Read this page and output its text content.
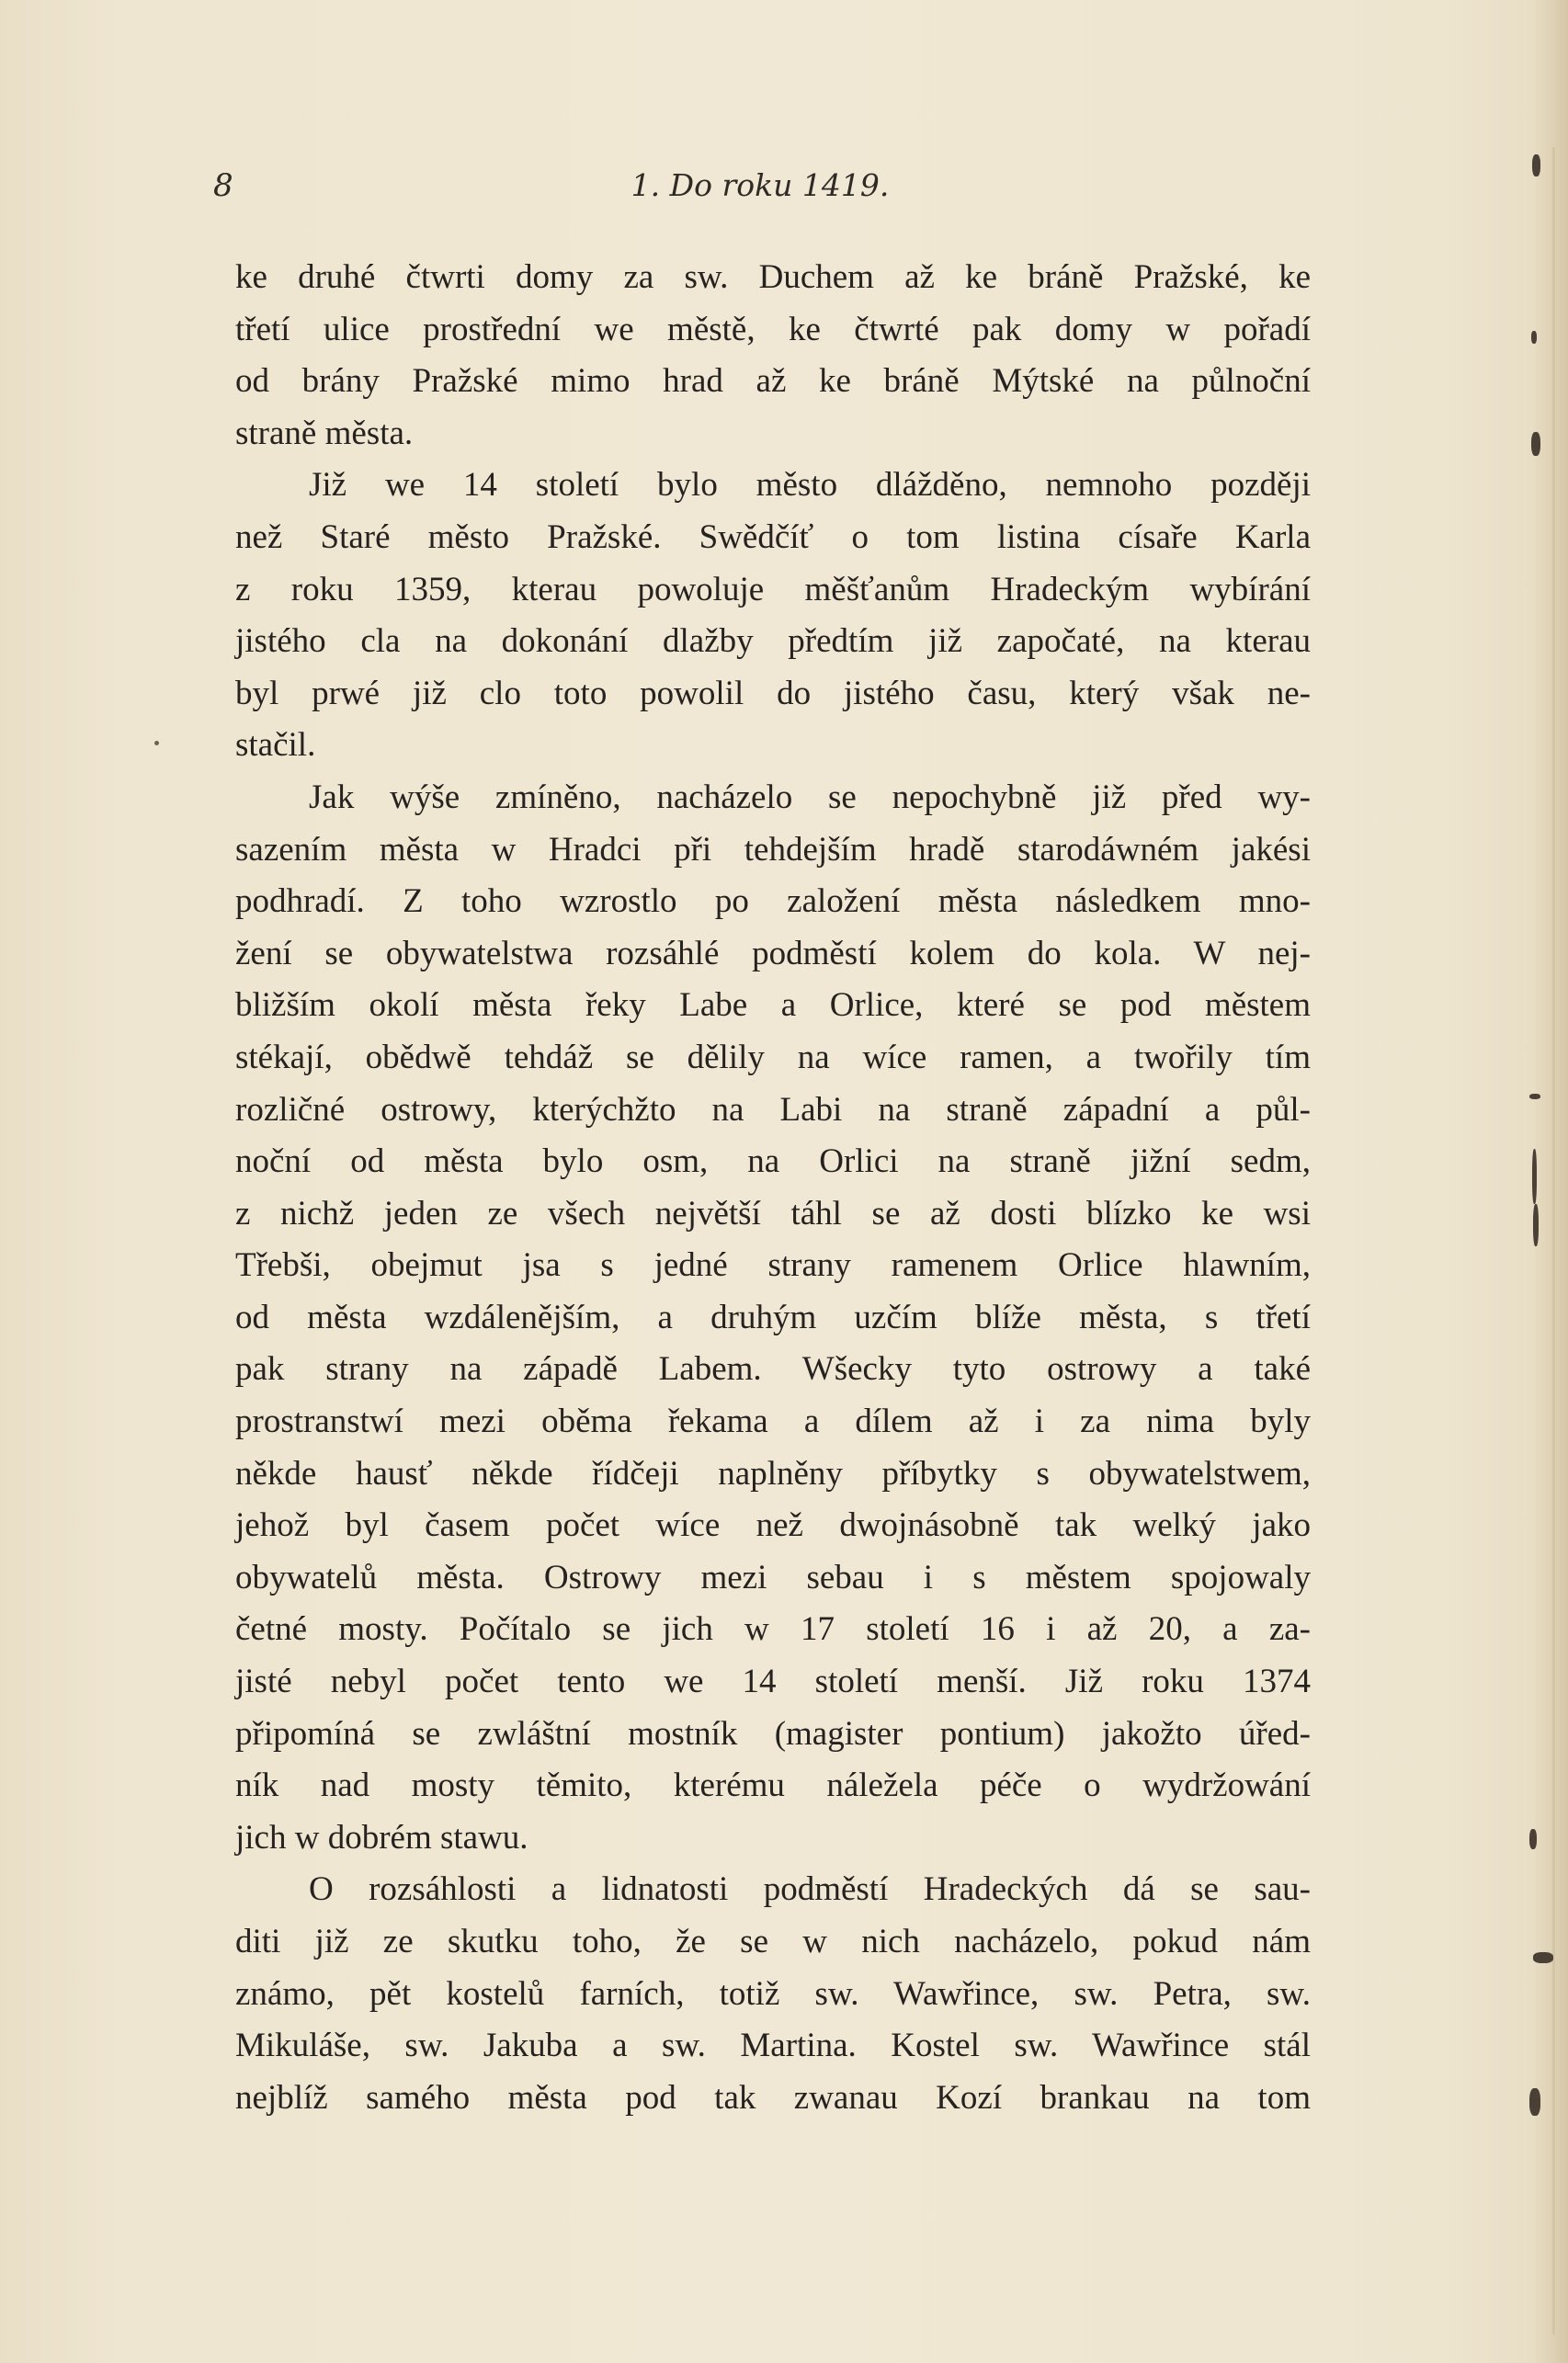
8	1. Do roku 1419.
ke druhé čtwrti domy za sw. Duchem až ke bráně Pražské, ke
třetí ulice prostřední we městě, ke čtwrté pak domy w pořadí
od brány Pražské mimo hrad až ke bráně Mýtské na půlnoční
straně města.
Již we 14 století bylo město dlážděno, nemnoho později
než Staré město Pražské. Swědčíť o tom listina císaře Karla
z roku 1359, kterau powoluje měšťanům Hradeckým wybírání
jistého cla na dokonání dlažby předtím již započaté, na kterau
byl prwé již clo toto powolil do jistého času, který však ne-
stačil.
Jak wýše zmíněno, nacházelo se nepochybně již před wy-
sazením města w Hradci při tehdejším hradě starodáwném jakési
podhradí. Z toho wzrostlo po založení města následkem mno-
žení se obywatelstwa rozsáhlé podměstí kolem do kola. W nej-
bližším okolí města řeky Labe a Orlice, které se pod městem
stékají, obědwě tehdáž se dělily na wíce ramen, a twořily tím
rozličné ostrowy, kterýchžto na Labi na straně západní a půl-
noční od města bylo osm, na Orlici na straně jižní sedm,
z nichž jeden ze všech největší táhl se až dosti blízko ke wsi
Třebši, obejmut jsa s jedné strany ramenem Orlice hlawním,
od města wzdálenějším, a druhým uzčím blíže města, s třetí
pak strany na západě Labem. Wšecky tyto ostrowy a také
prostranstwí mezi oběma řekama a dílem až i za nima byly
někde hausť někde řídčeji naplněny příbytky s obywatelstwem,
jehož byl časem počet wíce než dwojnásobně tak welký jako
obywatelů města. Ostrowy mezi sebau i s městem spojowaly
četné mosty. Počítalo se jich w 17 století 16 i až 20, a za-
jisté nebyl počet tento we 14 století menší. Již roku 1374
připomíná se zwláštní mostník (magister pontium) jakožto úřed-
ník nad mosty těmito, kterému náležela péče o wydržowání
jich w dobrém stawu.
O rozsáhlosti a lidnatosti podměstí Hradeckých dá se sau-
diti již ze skutku toho, že se w nich nacházelo, pokud nám
známo, pět kostelů farních, totiž sw. Wawřince, sw. Petra, sw.
Mikuláše, sw. Jakuba a sw. Martina. Kostel sw. Wawřince stál
nejblíž samého města pod tak zwanau Kozí brankau na tom
